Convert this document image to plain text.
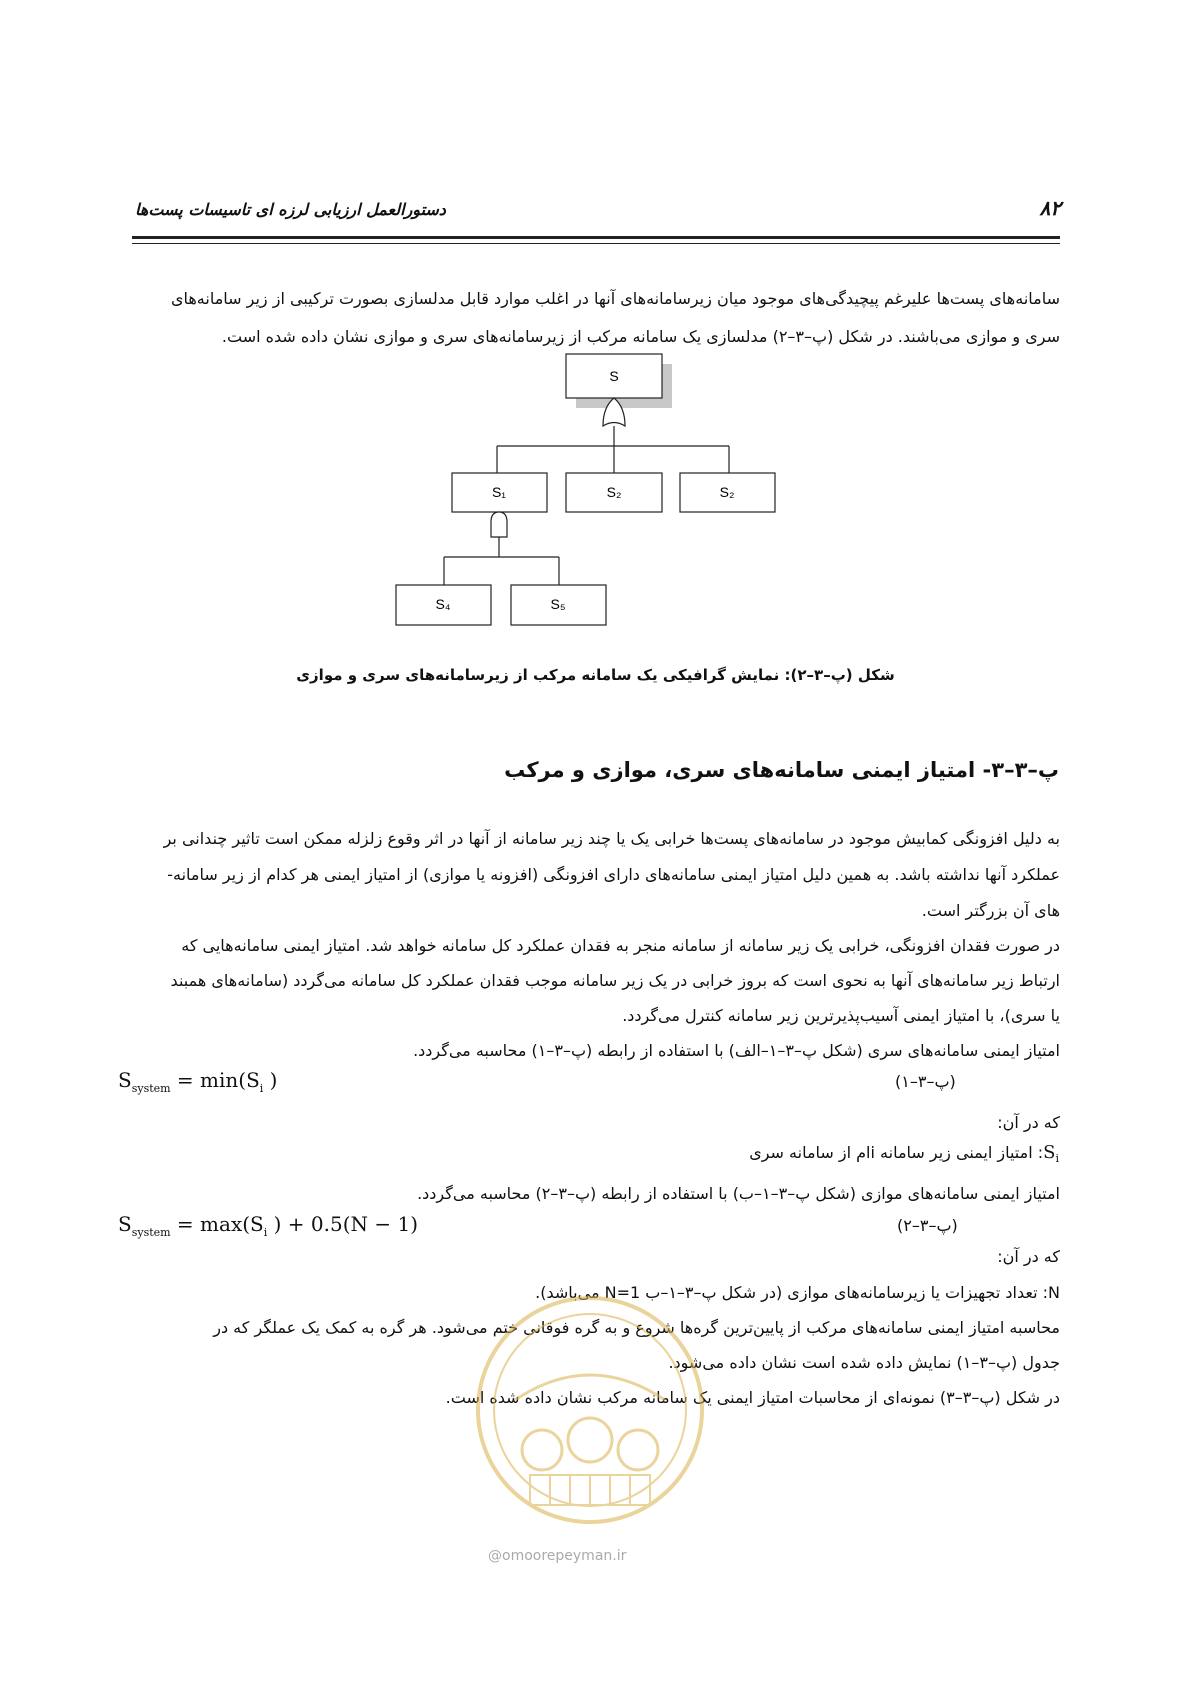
۸۲
دستورالعمل ارزیابی لرزه ای تاسیسات پست‌ها
سامانه‌های پست‌ها علیرغم پیچیدگی‌های موجود میان زیرسامانه‌های آنها در اغلب موارد قابل مدلسازی بصورت ترکیبی از زیر سامانه‌های
سری و موازی می‌باشند. در شکل (پ–۳–۲) مدلسازی یک سامانه مرکب از زیرسامانه‌های سری و موازی نشان داده شده است.
S
S₁	S₂	S₂
S₄	S₅
شکل (پ–۳–۲): نمایش گرافیکی یک سامانه مرکب از زیرسامانه‌های سری و موازی
پ–۳–۳- امتیاز ایمنی سامانه‌های سری، موازی و مرکب
به دلیل افزونگی کمابیش موجود در سامانه‌های پست‌ها خرابی یک یا چند زیر سامانه از آنها در اثر وقوع زلزله ممکن است تاثیر چندانی بر
عملکرد آنها نداشته باشد. به همین دلیل امتیاز ایمنی سامانه‌های دارای افزونگی (افزونه یا موازی) از امتیاز ایمنی هر کدام از زیر سامانه-
های آن بزرگتر است.
در صورت فقدان افزونگی، خرابی یک زیر سامانه از سامانه منجر به فقدان عملکرد کل سامانه خواهد شد. امتیاز ایمنی سامانه‌هایی که
ارتباط زیر سامانه‌های آنها به نحوی است که بروز خرابی در یک زیر سامانه موجب فقدان عملکرد کل سامانه می‌گردد (سامانه‌های همبند
یا سری)، با امتیاز ایمنی آسیب‌پذیرترین زیر سامانه کنترل می‌گردد.
امتیاز ایمنی سامانه‌های سری (شکل پ–۳–۱–الف) با استفاده از رابطه (پ–۳–۱) محاسبه می‌گردد.
که در آن:
امتیاز ایمنی سامانه‌های موازی (شکل پ–۳–۱–ب) با استفاده از رابطه (پ–۳–۲) محاسبه می‌گردد.
که در آن:
N: تعداد تجهیزات یا زیرسامانه‌های موازی (در شکل پ–۳–۱–ب N=1 می‌باشد).
محاسبه امتیاز ایمنی سامانه‌های مرکب از پایین‌ترین گره‌ها شروع و به گره فوقانی ختم می‌شود. هر گره به کمک یک عملگر که در
جدول (پ–۳–۱) نمایش داده شده است نشان داده می‌شود.
در شکل (پ–۳–۳) نمونه‌ای از محاسبات امتیاز ایمنی یک سامانه مرکب نشان داده شده است.
$S_i$: امتیاز ایمنی زیر سامانه iام از سامانه سری
$S_{system} = \min(S_i$ )	(پ–۳–۱)
$S_{system} = \max(S_i$ ) + 0.5(N − 1)	(پ–۳–۲)
@omoorepeyman.ir
